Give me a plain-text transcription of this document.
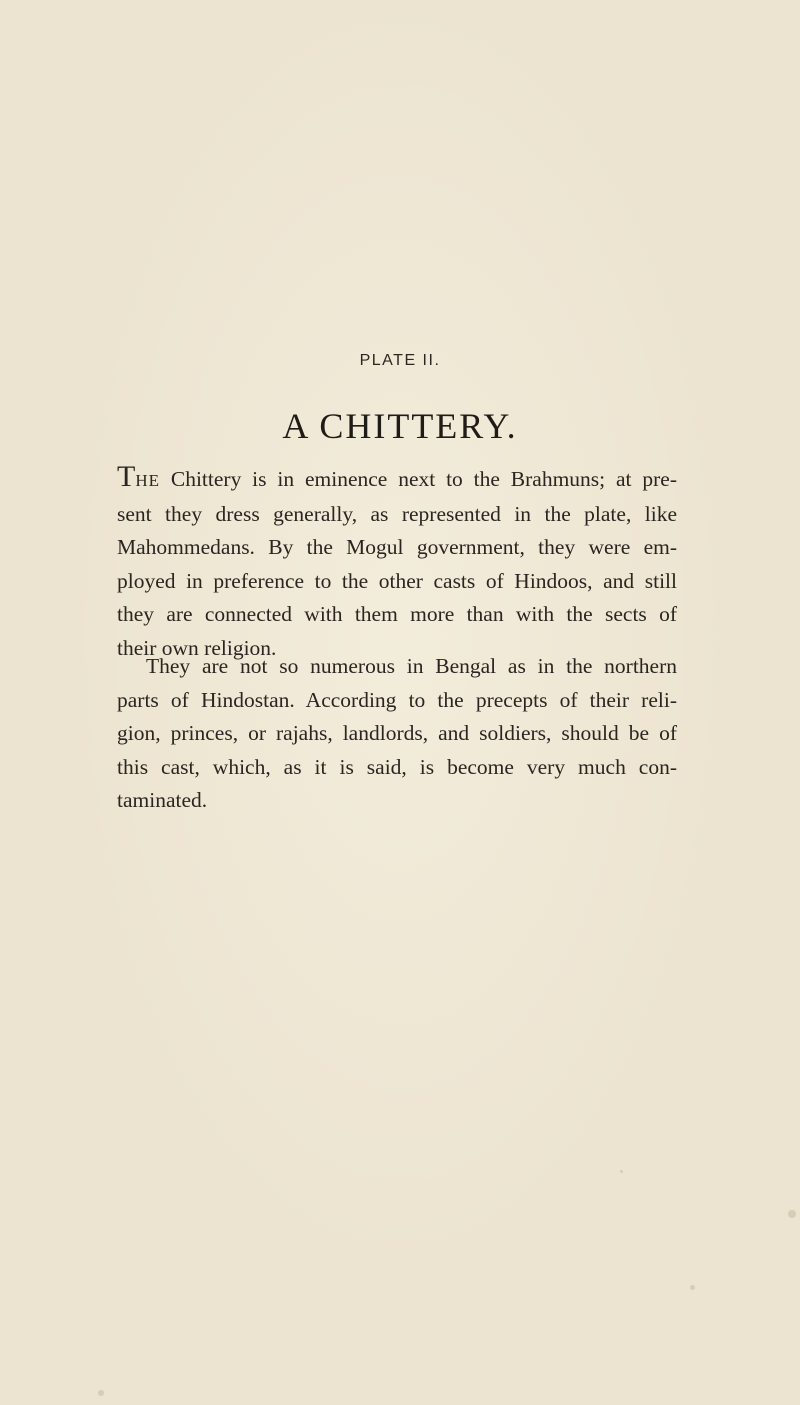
PLATE II.
A CHITTERY.

THE Chittery is in eminence next to the Brahmuns; at pre-
sent they dress generally, as represented in the plate, like
Mahommedans. By the Mogul government, they were em-
ployed in preference to the other casts of Hindoos, and still
they are connected with them more than with the sects of
their own religion.

They are not so numerous in Bengal as in the northern
parts of Hindostan. According to the precepts of their reli-
gion, princes, or rajahs, landlords, and soldiers, should be of
this cast, which, as it is said, is become very much con-
taminated.
